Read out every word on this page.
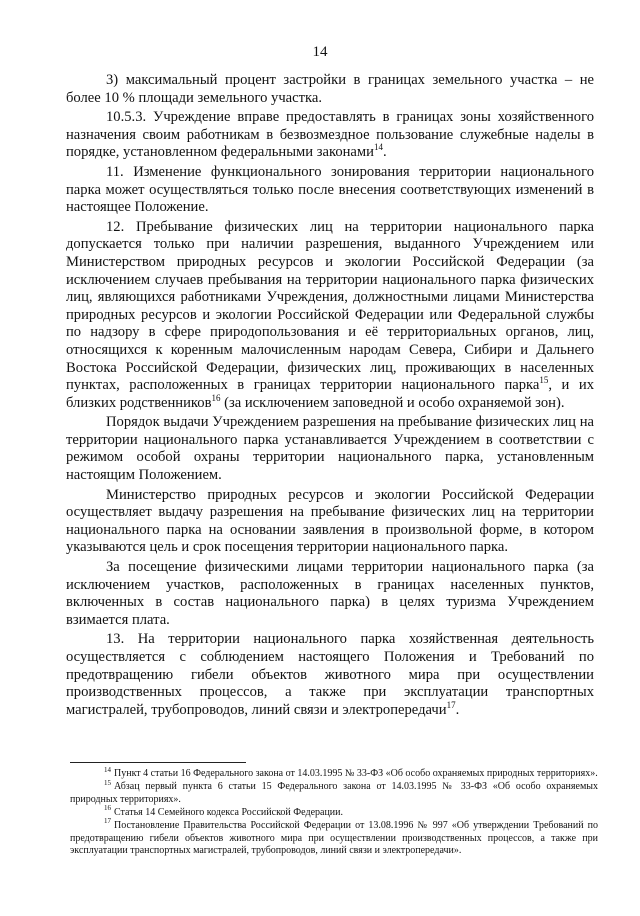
14

3) максимальный процент застройки в границах земельного участка – не более 10 % площади земельного участка.

10.5.3. Учреждение вправе предоставлять в границах зоны хозяйственного назначения своим работникам в безвозмездное пользование служебные наделы в порядке, установленном федеральными законами$^{14}$.

11. Изменение функционального зонирования территории национального парка может осуществляться только после внесения соответствующих изменений в настоящее Положение.

12. Пребывание физических лиц на территории национального парка допускается только при наличии разрешения, выданного Учреждением или Министерством природных ресурсов и экологии Российской Федерации (за исключением случаев пребывания на территории национального парка физических лиц, являющихся работниками Учреждения, должностными лицами Министерства природных ресурсов и экологии Российской Федерации или Федеральной службы по надзору в сфере природопользования и её территориальных органов, лиц, относящихся к коренным малочисленным народам Севера, Сибири и Дальнего Востока Российской Федерации, физических лиц, проживающих в населенных пунктах, расположенных в границах территории национального парка$^{15}$, и их близких родственников$^{16}$ (за исключением заповедной и особо охраняемой зон).

Порядок выдачи Учреждением разрешения на пребывание физических лиц на территории национального парка устанавливается Учреждением в соответствии с режимом особой охраны территории национального парка, установленным настоящим Положением.

Министерство природных ресурсов и экологии Российской Федерации осуществляет выдачу разрешения на пребывание физических лиц на территории национального парка на основании заявления в произвольной форме, в котором указываются цель и срок посещения территории национального парка.

За посещение физическими лицами территории национального парка (за исключением участков, расположенных в границах населенных пунктов, включенных в состав национального парка) в целях туризма Учреждением взимается плата.

13. На территории национального парка хозяйственная деятельность осуществляется с соблюдением настоящего Положения и Требований по предотвращению гибели объектов животного мира при осуществлении производственных процессов, а также при эксплуатации транспортных магистралей, трубопроводов, линий связи и электропередачи$^{17}$.

$^{14}$ Пункт 4 статьи 16 Федерального закона от 14.03.1995 № 33-ФЗ «Об особо охраняемых природных территориях».

$^{15}$ Абзац первый пункта 6 статьи 15 Федерального закона от 14.03.1995 № 33-ФЗ «Об особо охраняемых природных территориях».

$^{16}$ Статья 14 Семейного кодекса Российской Федерации.

$^{17}$ Постановление Правительства Российской Федерации от 13.08.1996 № 997 «Об утверждении Требований по предотвращению гибели объектов животного мира при осуществлении производственных процессов, а также при эксплуатации транспортных магистралей, трубопроводов, линий связи и электропередачи».
